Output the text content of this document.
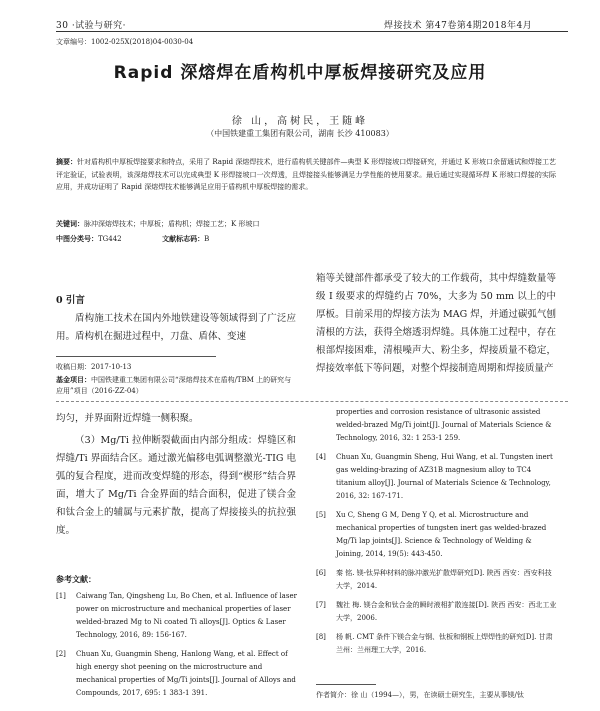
30 ·试验与研究·	焊接技术 第47卷第4期2018年4月
文章编号：1002-025X(2018)04-0030-04
Rapid 深熔焊在盾构机中厚板焊接研究及应用
徐 山，高树民，王随峰
（中国铁建重工集团有限公司，湖南 长沙 410083）
摘要：针对盾构机中厚板焊接要求和特点，采用了 Rapid 深熔焊技术，进行盾构机关键部件—典型 K 形焊接坡口焊接研究，并通过 K 形坡口余留通试和焊接工艺评定验证，试验表明，该深熔焊技术可以完成典型 K 形焊接坡口一次焊透，且焊接接头能够满足力学性能的使用要求。最后通过实现循环焊 K 形坡口焊接的实际应用，并成功证明了 Rapid 深熔焊技术能够满足应用于盾构机中厚板焊接的需求。
关键词：脉冲深熔焊技术；中厚板；盾构机；焊接工艺；K 形坡口
中图分类号：TG442	文献标志码：B
0 引言
盾构施工技术在国内外地铁建设等领域得到了广泛应用。盾构机在掘进过程中，刀盘、盾体、变速
收稿日期：2017-10-13
基金项目：中国铁建重工集团有限公司“深熔焊技术在盾构/TBM 上的研究与应用”项目（2016-ZZ-04）
箱等关键部件都承受了较大的工作载荷，其中焊缝数量等级 I 级要求的焊缝约占 70%，大多为 50 mm 以上的中厚板。目前采用的焊接方法为 MAG 焊，并通过碳弧气刨清根的方法，获得全熔透羽焊缝。具体施工过程中，存在根部焊接困难，清根噪声大、粉尘多，焊接质量不稳定，焊接效率低下等问题，对整个焊接制造周期和焊接质量产
均匀，并界面附近焊缝一侧积聚。
（3）Mg/Ti 拉伸断裂截面由内部分组成：焊缝区和焊缝/Ti 界面结合区。通过激光偏移电弧调整激光-TIG 电弧的复合程度，进而改变焊缝的形态，得到“楔形”结合界面，增大了 Mg/Ti 合金界面的结合面积，促进了镁合金和钛合金上的辅属与元素扩散，提高了焊接接头的抗拉强度。
参考文献：
[1]	Caiwang Tan, Qingsheng Lu, Bo Chen, et al. Influence of laser power on microstructure and mechanical properties of laser welded-brazed Mg to Ni coated Ti alloys[J]. Optics & Laser Technology, 2016, 89: 156-167.
[2]	Chuan Xu, Guangmin Sheng, Hanlong Wang, et al. Effect of high energy shot peening on the microstructure and mechanical properties of Mg/Ti joints[J]. Journal of Alloys and Compounds, 2017, 695: 1 383-1 391.
properties and corrosion resistance of ultrasonic assisted welded-brazed Mg/Ti joint[J]. Journal of Materials Science & Technology, 2016, 32: 1 253-1 259.
[4]	Chuan Xu, Guangmin Sheng, Hui Wang, et al. Tungsten inert gas welding-brazing of AZ31B magnesium alloy to TC4 titanium alloy[J]. Journal of Materials Science & Technology, 2016, 32: 167-171.
[5]	Xu C, Sheng G M, Deng Y Q, et al. Microstructure and mechanical properties of tungsten inert gas welded-brazed Mg/Ti lap joints[J]. Science & Technology of Welding & Joining, 2014, 19(5): 443-450.
[6]	秦 铭. 镁-钛异种材料的脉冲激光扩散焊研究[D]. 陕西 西安：西安科技大学，2014.
[7]	魏社 梅. 镁合金和钛合金的瞬时液相扩散连接[D]. 陕西 西安：西北工业大学，2006.
[8]	杨 帆. CMT 条件下镁合金与钢、钛板和钢板上焊焊性的研究[D]. 甘肃 兰州：兰州理工大学，2016.
作者简介：徐 山（1994—），男，在读硕士研究生，主要从事镁/钛
